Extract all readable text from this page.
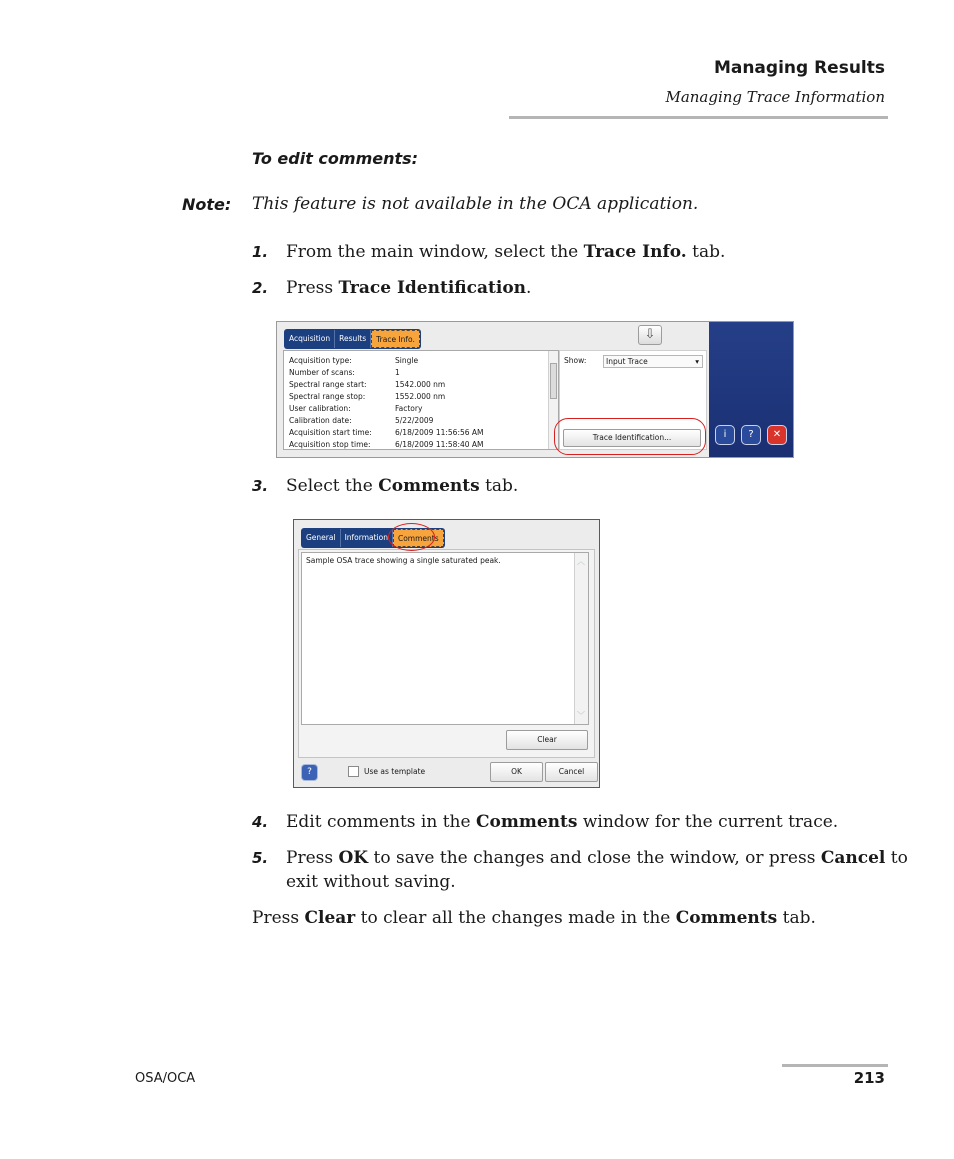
Managing Results
Managing Trace Information
To edit comments:
Note: This feature is not available in the OCA application.
1. From the main window, select the Trace Info. tab.
2. Press Trace Identification.
Acquisition	Results	Trace Info.	⇩
Acquisition type:	Single
Number of scans:	1
Spectral range start:	1542.000 nm
Spectral range stop:	1552.000 nm
User calibration:	Factory
Calibration date:	5/22/2009
Acquisition start time:	6/18/2009 11:56:56 AM
Acquisition stop time:	6/18/2009 11:58:40 AM
Show:	Input Trace	▾
Trace Identification...	i	?	✕
3. Select the Comments tab.
General	Information	Comments
Sample OSA trace showing a single saturated peak.	︿
﹀
Clear
?	Use as template	OK	Cancel
4. Edit comments in the Comments window for the current trace.
5. Press OK to save the changes and close the window, or press Cancel to
exit without saving.
Press Clear to clear all the changes made in the Comments tab.
OSA/OCA	213
